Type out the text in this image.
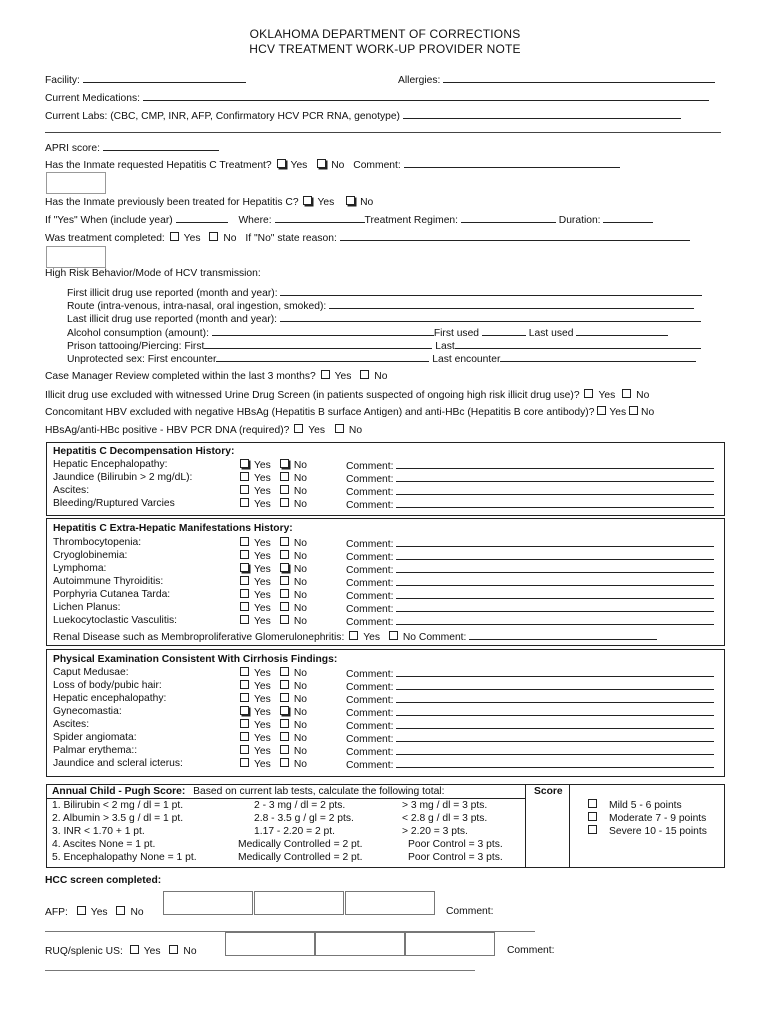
OKLAHOMA DEPARTMENT OF CORRECTIONS
HCV TREATMENT WORK-UP PROVIDER NOTE
Facility:	Allergies:
Current Medications:
Current Labs: (CBC, CMP, INR, AFP, Confirmatory HCV PCR RNA, genotype)
APRI score:
Has the Inmate requested Hepatitis C Treatment? Yes No Comment:
Has the Inmate previously been treated for Hepatitis C? Yes	No
If "Yes" When (include year)	Where:	Treatment Regimen:	Duration:
Was treatment completed: Yes No If "No" state reason:
High Risk Behavior/Mode of HCV transmission:
First illicit drug use reported (month and year):
Route (intra-venous, intra-nasal, oral ingestion, smoked):
Last illicit drug use reported (month and year):
Alcohol consumption (amount):	First used	Last used
Prison tattooing/Piercing: First	Last
Unprotected sex: First encounter	Last encounter
Case Manager Review completed within the last 3 months? Yes No
Illicit drug use excluded with witnessed Urine Drug Screen (in patients suspected of ongoing high risk illicit drug use)? Yes No
Concomitant HBV excluded with negative HBsAg (Hepatitis B surface Antigen) and anti-HBc (Hepatitis B core antibody)? Yes No
HBsAg/anti-HBc positive - HBV PCR DNA (required)? Yes No
Hepatitis C Decompensation History:
Hepatic Encephalopathy:	Yes No	Comment:
Jaundice (Bilirubin > 2 mg/dL):	Yes No	Comment:
Ascites:	Yes No	Comment:
Bleeding/Ruptured Varcies	Yes No	Comment:
Hepatitis C Extra-Hepatic Manifestations History:
Thrombocytopenia:	Yes No	Comment:
Cryoglobinemia:	Yes No	Comment:
Lymphoma:	Yes No	Comment:
Autoimmune Thyroiditis:	Yes No	Comment:
Porphyria Cutanea Tarda:	Yes No	Comment:
Lichen Planus:	Yes No	Comment:
Luekocytoclastic Vasculitis:	Yes No	Comment:
Renal Disease such as Membroproliferative Glomerulonephritis: Yes No Comment:
Physical Examination Consistent With Cirrhosis Findings:
Caput Medusae:	Yes No	Comment:
Loss of body/pubic hair:	Yes No	Comment:
Hepatic encephalopathy:	Yes No	Comment:
Gynecomastia:	Yes No	Comment:
Ascites:	Yes No	Comment:
Spider angiomata:	Yes No	Comment:
Palmar erythema::	Yes No	Comment:
Jaundice and scleral icterus:	Yes No	Comment:
Annual Child - Pugh Score: Based on current lab tests, calculate the following total:	Score
1. Bilirubin < 2 mg / dl = 1 pt.	2 - 3 mg / dl = 2 pts.	> 3 mg / dl = 3 pts.
2. Albumin > 3.5 g / dl = 1 pt.	2.8 - 3.5 g / gl = 2 pts.	< 2.8 g / dl = 3 pts.
3. INR < 1.70 + 1 pt.	1.17 - 2.20 = 2 pt.	> 2.20 = 3 pts.
4. Ascites None = 1 pt.	Medically Controlled = 2 pt.	Poor Control = 3 pts.
5. Encephalopathy None = 1 pt.	Medically Controlled = 2 pt.	Poor Control = 3 pts.
Mild 5 - 6 points
Moderate 7 - 9 points
Severe 10 - 15 points
HCC screen completed:
AFP: Yes No	Comment:
RUQ/splenic US: Yes No	Comment:
